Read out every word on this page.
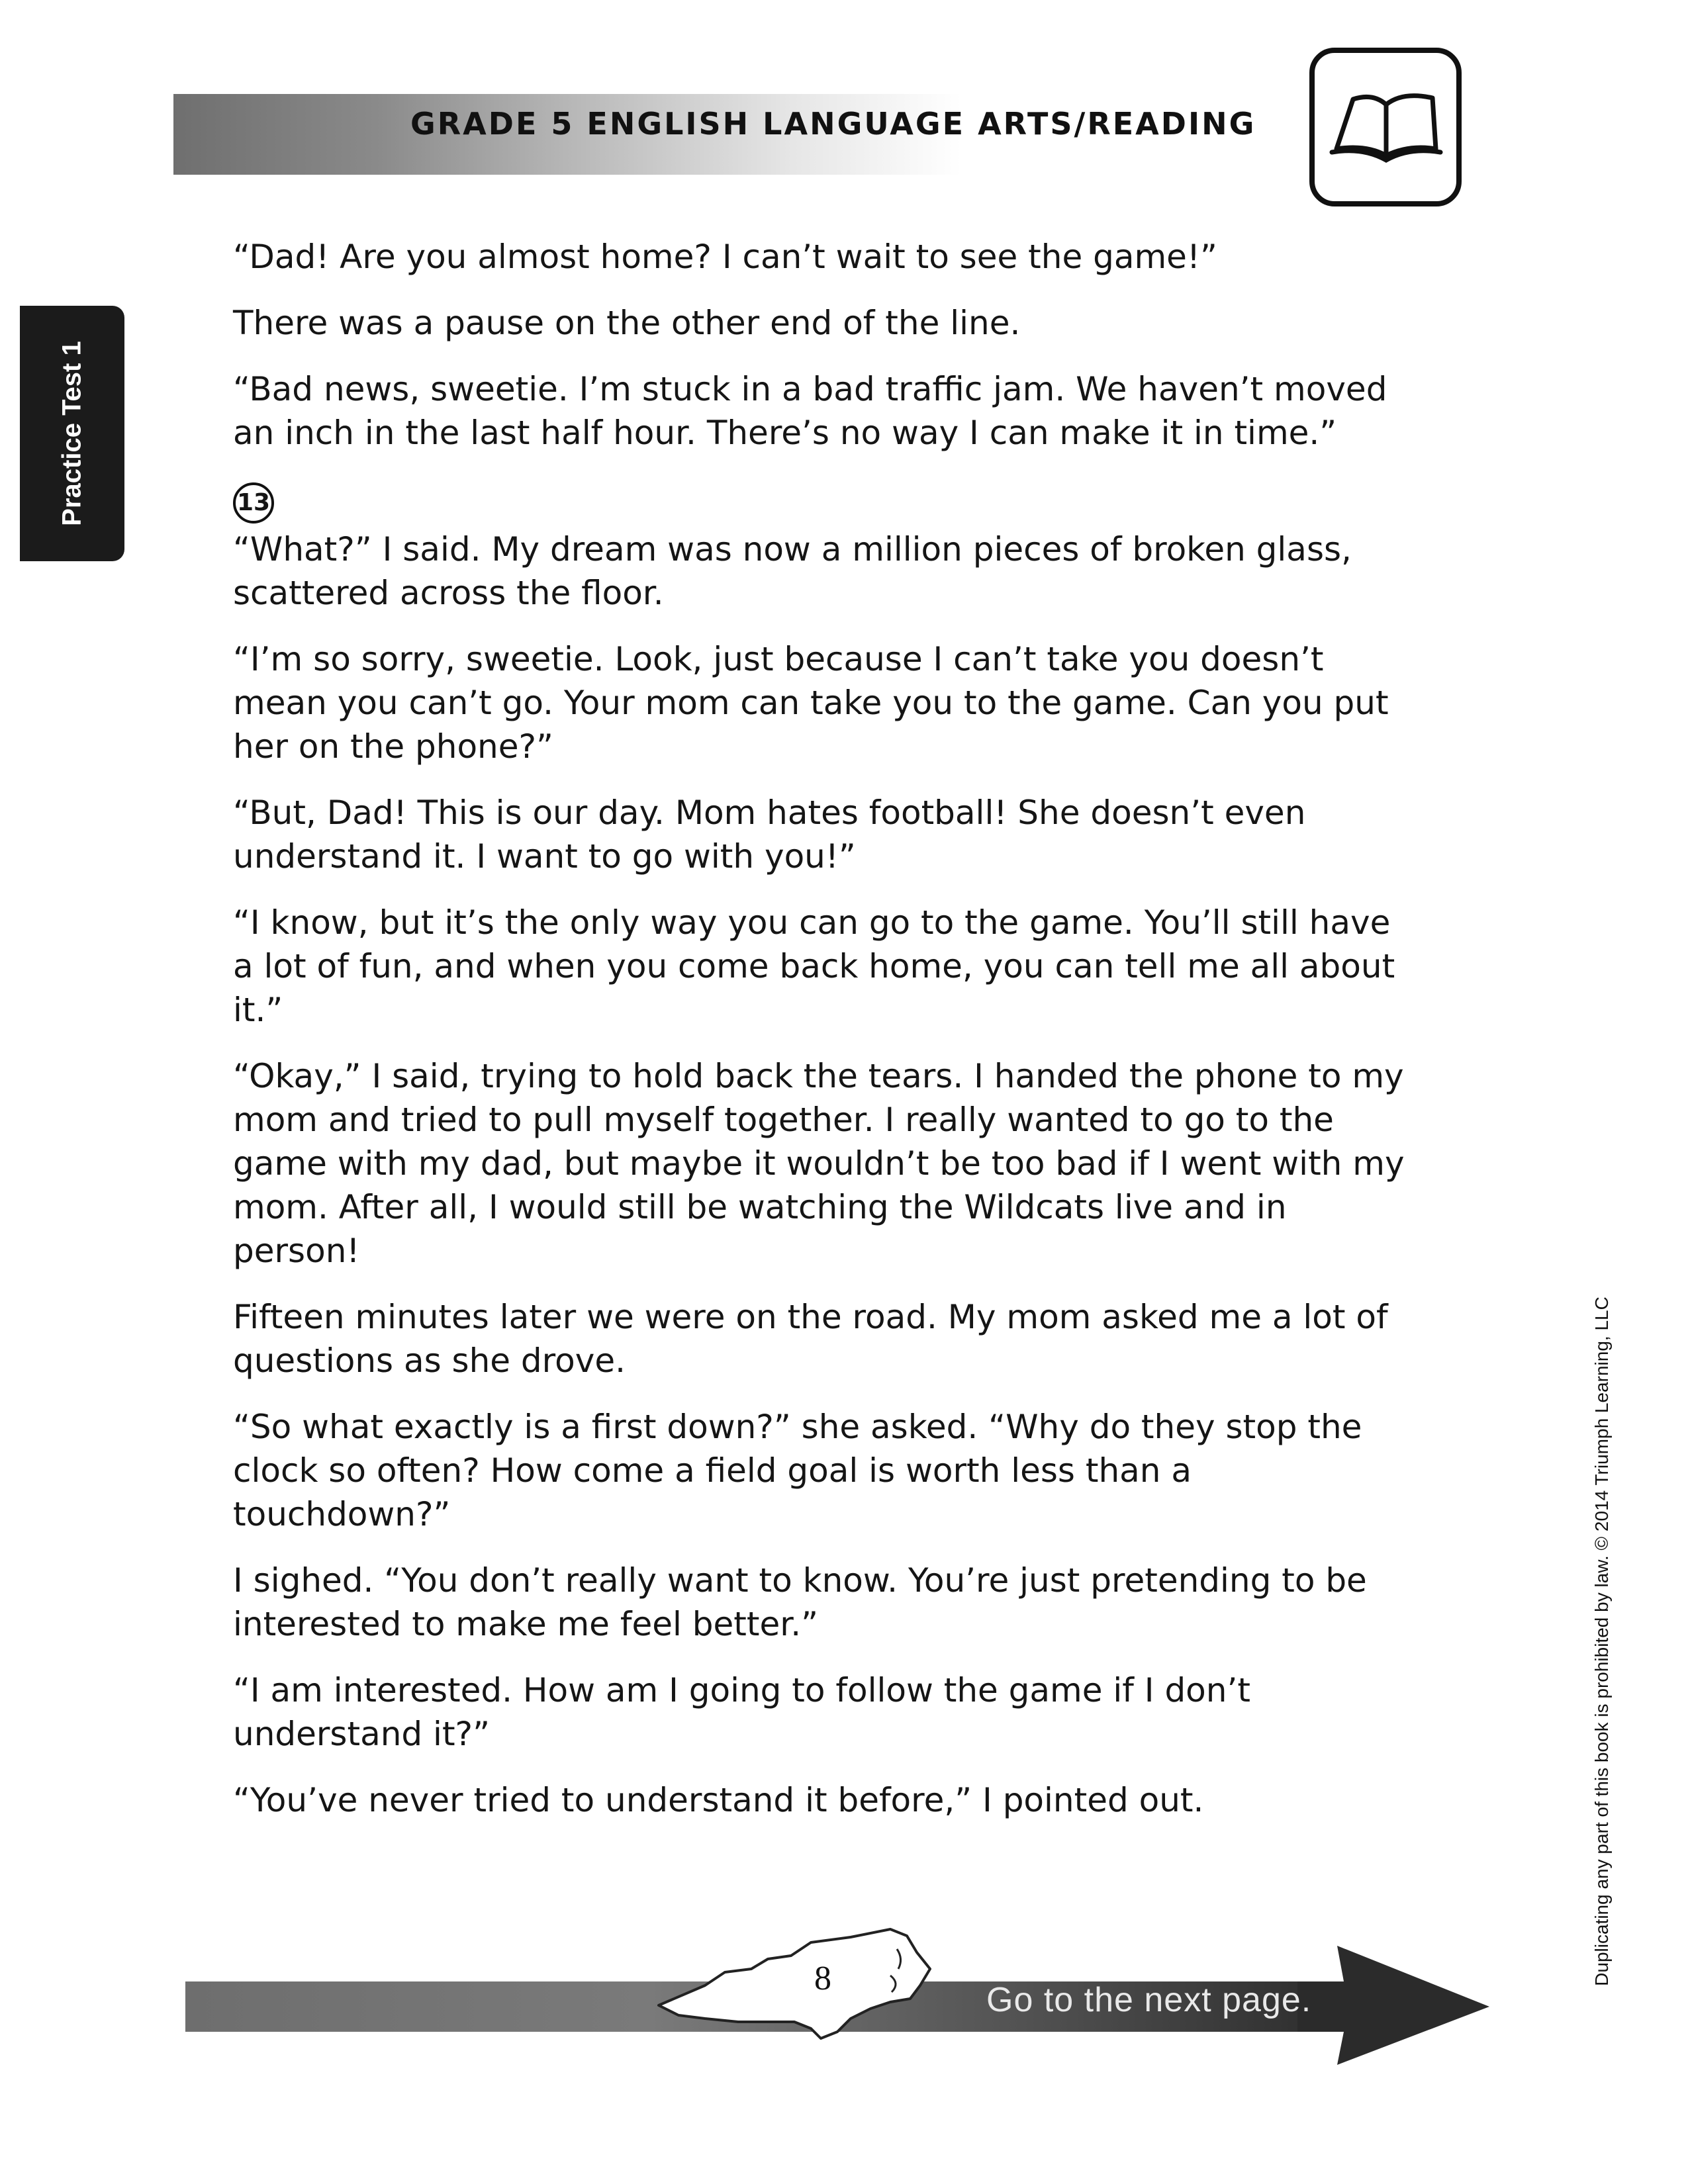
GRADE 5 ENGLISH LANGUAGE ARTS/READING
Practice Test 1

“Dad! Are you almost home? I can’t wait to see the game!”

There was a pause on the other end of the line.

“Bad news, sweetie. I’m stuck in a bad traffic jam. We haven’t moved an inch in the last half hour. There’s no way I can make it in time.”

13

“What?” I said. My dream was now a million pieces of broken glass, scattered across the floor.

“I’m so sorry, sweetie. Look, just because I can’t take you doesn’t mean you can’t go. Your mom can take you to the game. Can you put her on the phone?”

“But, Dad! This is our day. Mom hates football! She doesn’t even understand it. I want to go with you!”

“I know, but it’s the only way you can go to the game. You’ll still have a lot of fun, and when you come back home, you can tell me all about it.”

“Okay,” I said, trying to hold back the tears. I handed the phone to my mom and tried to pull myself together. I really wanted to go to the game with my dad, but maybe it wouldn’t be too bad if I went with my mom. After all, I would still be watching the Wildcats live and in person!

Fifteen minutes later we were on the road. My mom asked me a lot of questions as she drove.

“So what exactly is a first down?” she asked. “Why do they stop the clock so often? How come a field goal is worth less than a touchdown?”

I sighed. “You don’t really want to know. You’re just pretending to be interested to make me feel better.”

“I am interested. How am I going to follow the game if I don’t understand it?”

“You’ve never tried to understand it before,” I pointed out.

Go to the next page.
8	Duplicating any part of this book is prohibited by law. © 2014 Triumph Learning, LLC
